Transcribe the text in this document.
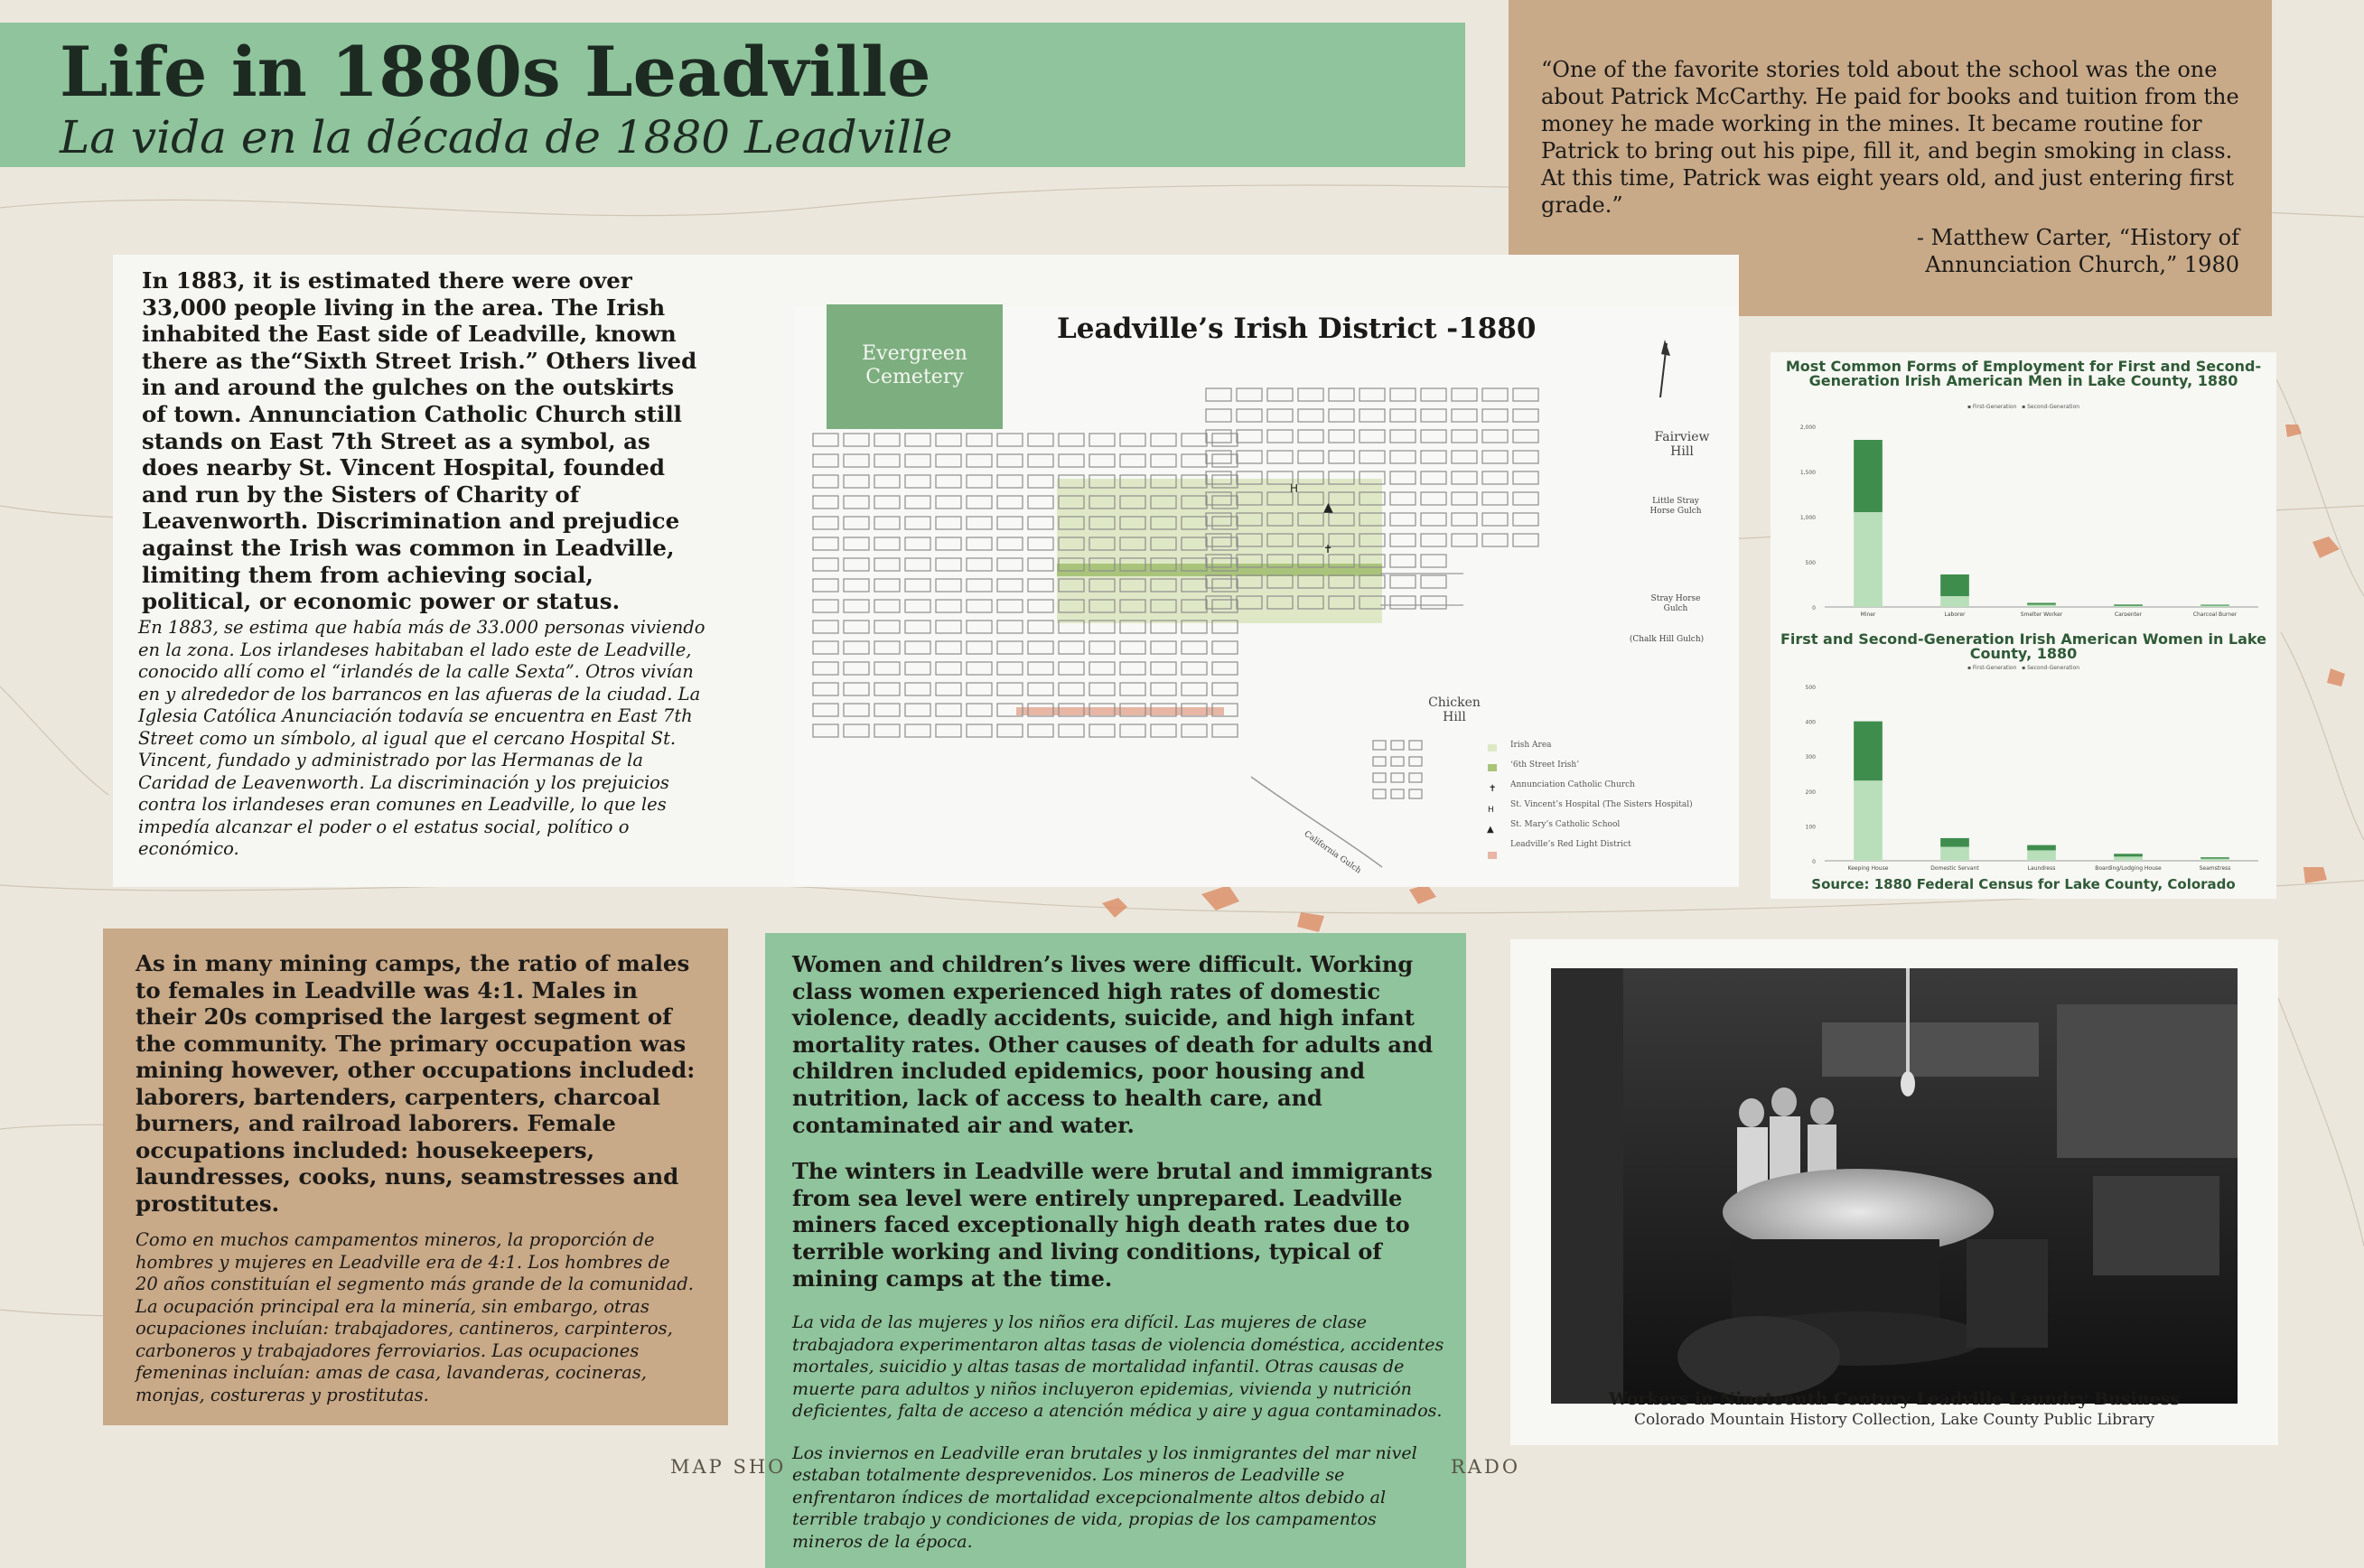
Life in 1880s Leadville
La vida en la década de 1880 Leadville
“One of the favorite stories told about the school was the one about Patrick McCarthy. He paid for books and tuition from the money he made working in the mines. It became routine for Patrick to bring out his pipe, fill it, and begin smoking in class. At this time, Patrick was eight years old, and just entering first grade.”
- Matthew Carter, “History of
Annunciation Church,” 1980
In 1883, it is estimated there were over 33,000 people living in the area. The Irish inhabited the East side of Leadville, known there as the“Sixth Street Irish.” Others lived in and around the gulches on the outskirts of town. Annunciation Catholic Church still stands on East 7th Street as a symbol, as does nearby St. Vincent Hospital, founded and run by the Sisters of Charity of Leavenworth. Discrimination and prejudice against the Irish was common in Leadville, limiting them from achieving social, political, or economic power or status.
En 1883, se estima que había más de 33.000 personas viviendo en la zona. Los irlandeses habitaban el lado este de Leadville, conocido allí como el “irlandés de la calle Sexta”. Otros vivían en y alrededor de los barrancos en las afueras de la ciudad. La Iglesia Católica Anunciación todavía se encuentra en East 7th Street como un símbolo, al igual que el cercano Hospital St. Vincent, fundado y administrado por las Hermanas de la Caridad de Leavenworth. La discriminación y los prejuicios contra los irlandeses eran comunes en Leadville, lo que les impedía alcanzar el poder o el estatus social, político o económico.
Evergreen Cemetery
Leadville’s Irish District -1880
H
▲
✝
✝
H
▲
Fairview Hill
Chicken Hill
Little Stray Horse Gulch
Stray Horse Gulch
(Chalk Hill Gulch)
California Gulch
Irish Area
‘6th Street Irish’
Annunciation Catholic Church
St. Vincent’s Hospital (The Sisters Hospital)
St. Mary’s Catholic School
Leadville’s Red Light District
Most Common Forms of Employment for First and Second-Generation Irish American Men in Lake County, 1880
▪ First-Generation   ▪ Second-Generation
0
500
1,000
1,500
2,000
Miner	Laborer	Smelter Worker	Carpenter	Charcoal Burner
First and Second-Generation Irish American Women in Lake County, 1880
▪ First-Generation   ▪ Second-Generation
0
100
200
300
400
500
Keeping House	Domestic Servant	Laundress	Boarding/Lodging House	Seamstress
Source: 1880 Federal Census for Lake County, Colorado
As in many mining camps, the ratio of males to females in Leadville was 4:1. Males in their 20s comprised the largest segment of the community. The primary occupation was mining however, other occupations included: laborers, bartenders, carpenters, charcoal burners, and railroad laborers. Female occupations included: housekeepers, laundresses, cooks, nuns, seamstresses and prostitutes.
Como en muchos campamentos mineros, la proporción de hombres y mujeres en Leadville era de 4:1. Los hombres de 20 años constituían el segmento más grande de la comunidad. La ocupación principal era la minería, sin embargo, otras ocupaciones incluían: trabajadores, cantineros, carpinteros, carboneros y trabajadores ferroviarios. Las ocupaciones femeninas incluían: amas de casa, lavanderas, cocineras, monjas, costureras y prostitutas.
Women and children’s lives were difficult. Working class women experienced high rates of domestic violence, deadly accidents, suicide, and high infant mortality rates. Other causes of death for adults and children included epidemics, poor housing and nutrition, lack of access to health care, and contaminated air and water.
The winters in Leadville were brutal and immigrants from sea level were entirely unprepared. Leadville miners faced exceptionally high death rates due to terrible working and living conditions, typical of mining camps at the time.
La vida de las mujeres y los niños era difícil. Las mujeres de clase trabajadora experimentaron altas tasas de violencia doméstica, accidentes mortales, suicidio y altas tasas de mortalidad infantil. Otras causas de muerte para adultos y niños incluyeron epidemias, vivienda y nutrición deficientes, falta de acceso a atención médica y aire y agua contaminados.
Los inviernos en Leadville eran brutales y los inmigrantes del mar nivel estaban totalmente desprevenidos. Los mineros de Leadville se enfrentaron índices de mortalidad excepcionalmente altos debido al terrible trabajo y condiciones de vida, propias de los campamentos mineros de la época.
Workers in Nineteenth Century Leadville Laundry Business
Colorado Mountain History Collection, Lake County Public Library
MAP SHO	RADO
